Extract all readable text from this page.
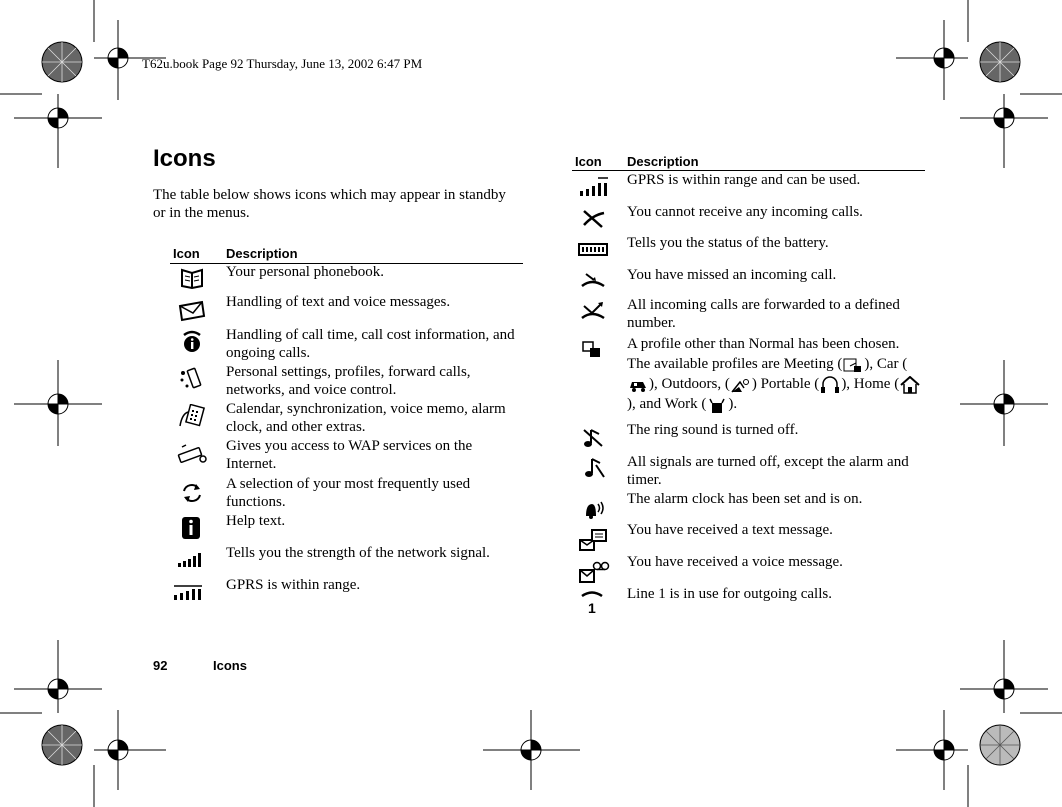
T62u.book Page 92 Thursday, June 13, 2002 6:47 PM
Icons
The table below shows icons which may appear in standby or in the menus.
Icon Description
Your personal phonebook.
Handling of text and voice messages.
Handling of call time, call cost information, and ongoing calls.
Personal settings, profiles, forward calls, networks, and voice control.
Calendar, synchronization, voice memo, alarm clock, and other extras.
Gives you access to WAP services on the Internet.
A selection of your most frequently used functions.
Help text.
Tells you the strength of the network signal.
GPRS is within range.
Icon Description
GPRS is within range and can be used.
You cannot receive any incoming calls.
Tells you the status of the battery.
You have missed an incoming call.
All incoming calls are forwarded to a defined number.
A profile other than Normal has been chosen. The available profiles are Meeting ( ), Car (
), Outdoors, ( ) Portable ( ), Home (
), and Work ( ).
The ring sound is turned off.
All signals are turned off, except the alarm and timer.
The alarm clock has been set and is on.
You have received a text message.
You have received a voice message.
1
Line 1 is in use for outgoing calls.
92	Icons
